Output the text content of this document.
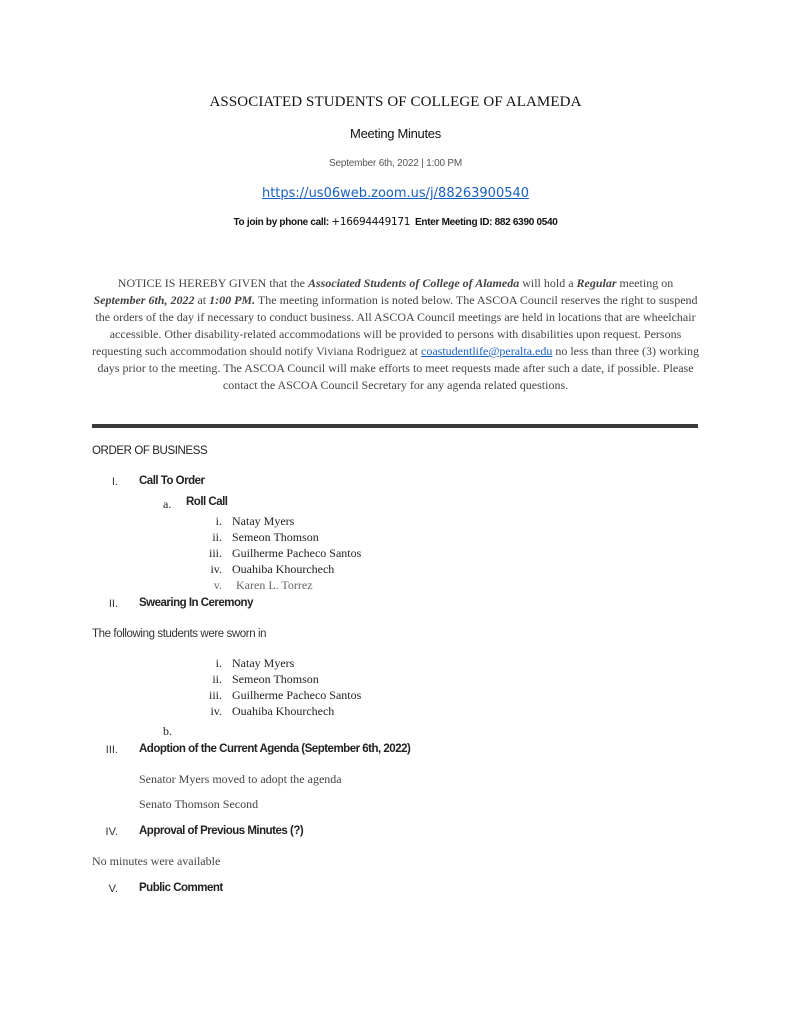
ASSOCIATED STUDENTS OF COLLEGE OF ALAMEDA
Meeting Minutes
September 6th, 2022 | 1:00 PM
https://us06web.zoom.us/j/88263900540
To join by phone call: +16694449171  Enter Meeting ID: 882 6390 0540
NOTICE IS HEREBY GIVEN that the Associated Students of College of Alameda will hold a Regular meeting on September 6th, 2022 at 1:00 PM. The meeting information is noted below. The ASCOA Council reserves the right to suspend the orders of the day if necessary to conduct business. All ASCOA Council meetings are held in locations that are wheelchair accessible. Other disability-related accommodations will be provided to persons with disabilities upon request. Persons requesting such accommodation should notify Viviana Rodriguez at coastudentlife@peralta.edu no less than three (3) working days prior to the meeting. The ASCOA Council will make efforts to meet requests made after such a date, if possible. Please contact the ASCOA Council Secretary for any agenda related questions.
ORDER OF BUSINESS
I. Call To Order
a. Roll Call
i. Natay Myers
ii. Semeon Thomson
iii. Guilherme Pacheco Santos
iv. Ouahiba Khourchech
v. Karen L. Torrez
II. Swearing In Ceremony
The following students were sworn in
i. Natay Myers
ii. Semeon Thomson
iii. Guilherme Pacheco Santos
iv. Ouahiba Khourchech
b.
III. Adoption of the Current Agenda (September 6th, 2022)
Senator Myers moved to adopt the agenda
Senato Thomson Second
IV. Approval of Previous Minutes (?)
No minutes were available
V. Public Comment
